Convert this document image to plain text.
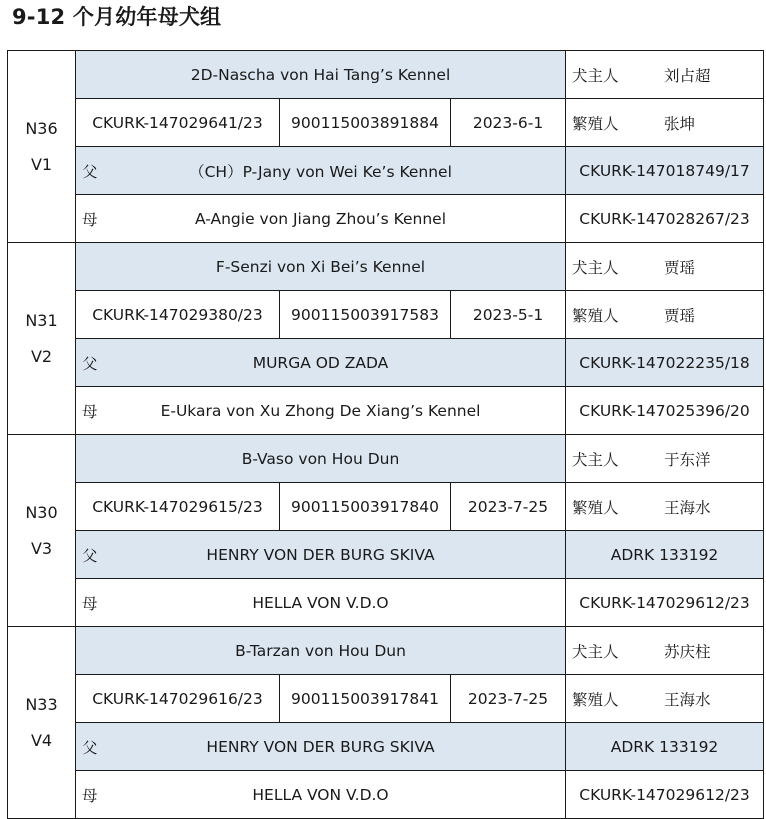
9-12 个月幼年母犬组
N36
V1	2D-Nascha von Hai Tang’s Kennel			犬主人 刘占超
	CKURK-147029641/23	900115003891884	2023-6-1	繁殖人 张坤

	父 （CH）P-Jany von Wei Ke’s Kennel			CKURK-147018749/17

	母 A-Angie von Jiang Zhou’s Kennel			CKURK-147028267/23

N31
V2	F-Senzi von Xi Bei’s Kennel			犬主人 贾瑶
	CKURK-147029380/23	900115003917583	2023-5-1	繁殖人 贾瑶

	父 MURGA OD ZADA			CKURK-147022235/18

	母 E-Ukara von Xu Zhong De Xiang’s Kennel			CKURK-147025396/20

N30
V3	B-Vaso von Hou Dun			犬主人 于东洋
	CKURK-147029615/23	900115003917840	2023-7-25	繁殖人 王海水

	父 HENRY VON DER BURG SKIVA			ADRK 133192

	母 HELLA VON V.D.O			CKURK-147029612/23

N33
V4	B-Tarzan von Hou Dun			犬主人 苏庆柱
	CKURK-147029616/23	900115003917841	2023-7-25	繁殖人 王海水

	父 HENRY VON DER BURG SKIVA			ADRK 133192

	母 HELLA VON V.D.O			CKURK-147029612/23
